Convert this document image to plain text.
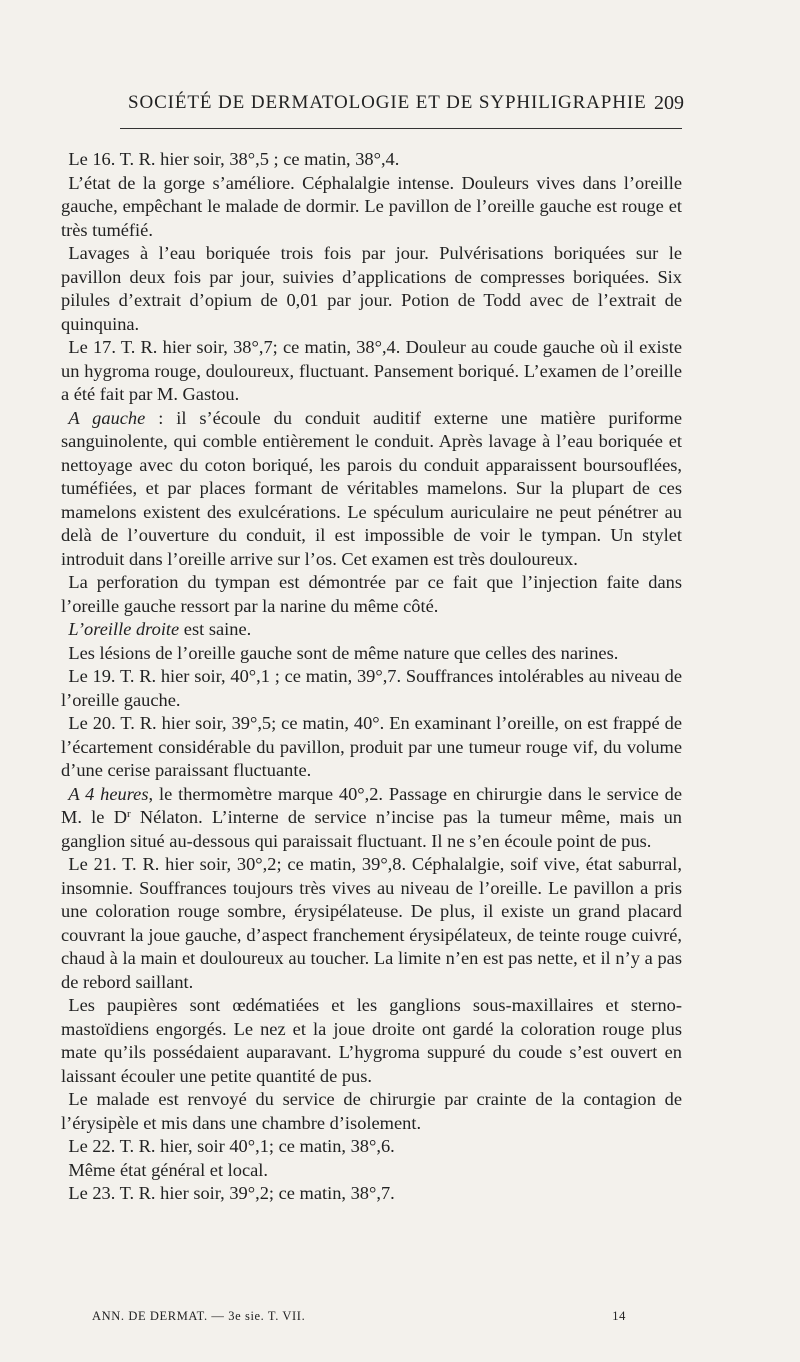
SOCIÉTÉ DE DERMATOLOGIE ET DE SYPHILIGRAPHIE 209

Le 16. T. R. hier soir, 38°,5 ; ce matin, 38°,4.

L’état de la gorge s’améliore. Céphalalgie intense. Douleurs vives dans l’oreille gauche, empêchant le malade de dormir. Le pavillon de l’oreille gauche est rouge et très tuméfié.

Lavages à l’eau boriquée trois fois par jour. Pulvérisations boriquées sur le pavillon deux fois par jour, suivies d’applications de compresses boriquées. Six pilules d’extrait d’opium de 0,01 par jour. Potion de Todd avec de l’extrait de quinquina.

Le 17. T. R. hier soir, 38°,7; ce matin, 38°,4. Douleur au coude gauche où il existe un hygroma rouge, douloureux, fluctuant. Pansement boriqué. L’examen de l’oreille a été fait par M. Gastou.

A gauche : il s’écoule du conduit auditif externe une matière puriforme sanguinolente, qui comble entièrement le conduit. Après lavage à l’eau boriquée et nettoyage avec du coton boriqué, les parois du conduit apparaissent boursouflées, tuméfiées, et par places formant de véritables mamelons. Sur la plupart de ces mamelons existent des exulcérations. Le spéculum auriculaire ne peut pénétrer au delà de l’ouverture du conduit, il est impossible de voir le tympan. Un stylet introduit dans l’oreille arrive sur l’os. Cet examen est très douloureux.

La perforation du tympan est démontrée par ce fait que l’injection faite dans l’oreille gauche ressort par la narine du même côté.

L’oreille droite est saine.

Les lésions de l’oreille gauche sont de même nature que celles des narines.

Le 19. T. R. hier soir, 40°,1 ; ce matin, 39°,7. Souffrances intolérables au niveau de l’oreille gauche.

Le 20. T. R. hier soir, 39°,5; ce matin, 40°. En examinant l’oreille, on est frappé de l’écartement considérable du pavillon, produit par une tumeur rouge vif, du volume d’une cerise paraissant fluctuante.

A 4 heures, le thermomètre marque 40°,2. Passage en chirurgie dans le service de M. le $D^r$ Nélaton. L’interne de service n’incise pas la tumeur même, mais un ganglion situé au-dessous qui paraissait fluctuant. Il ne s’en écoule point de pus.

Le 21. T. R. hier soir, 30°,2; ce matin, 39°,8. Céphalalgie, soif vive, état saburral, insomnie. Souffrances toujours très vives au niveau de l’oreille. Le pavillon a pris une coloration rouge sombre, érysipélateuse. De plus, il existe un grand placard couvrant la joue gauche, d’aspect franchement érysipélateux, de teinte rouge cuivré, chaud à la main et douloureux au toucher. La limite n’en est pas nette, et il n’y a pas de rebord saillant.

Les paupières sont œdématiées et les ganglions sous-maxillaires et sterno-mastoïdiens engorgés. Le nez et la joue droite ont gardé la coloration rouge plus mate qu’ils possédaient auparavant. L’hygroma suppuré du coude s’est ouvert en laissant écouler une petite quantité de pus.

Le malade est renvoyé du service de chirurgie par crainte de la contagion de l’érysipèle et mis dans une chambre d’isolement.

Le 22. T. R. hier, soir 40°,1; ce matin, 38°,6.

Même état général et local.

Le 23. T. R. hier soir, 39°,2; ce matin, 38°,7.

ANN. DE DERMAT. — 3e sie. T. VII.	14
